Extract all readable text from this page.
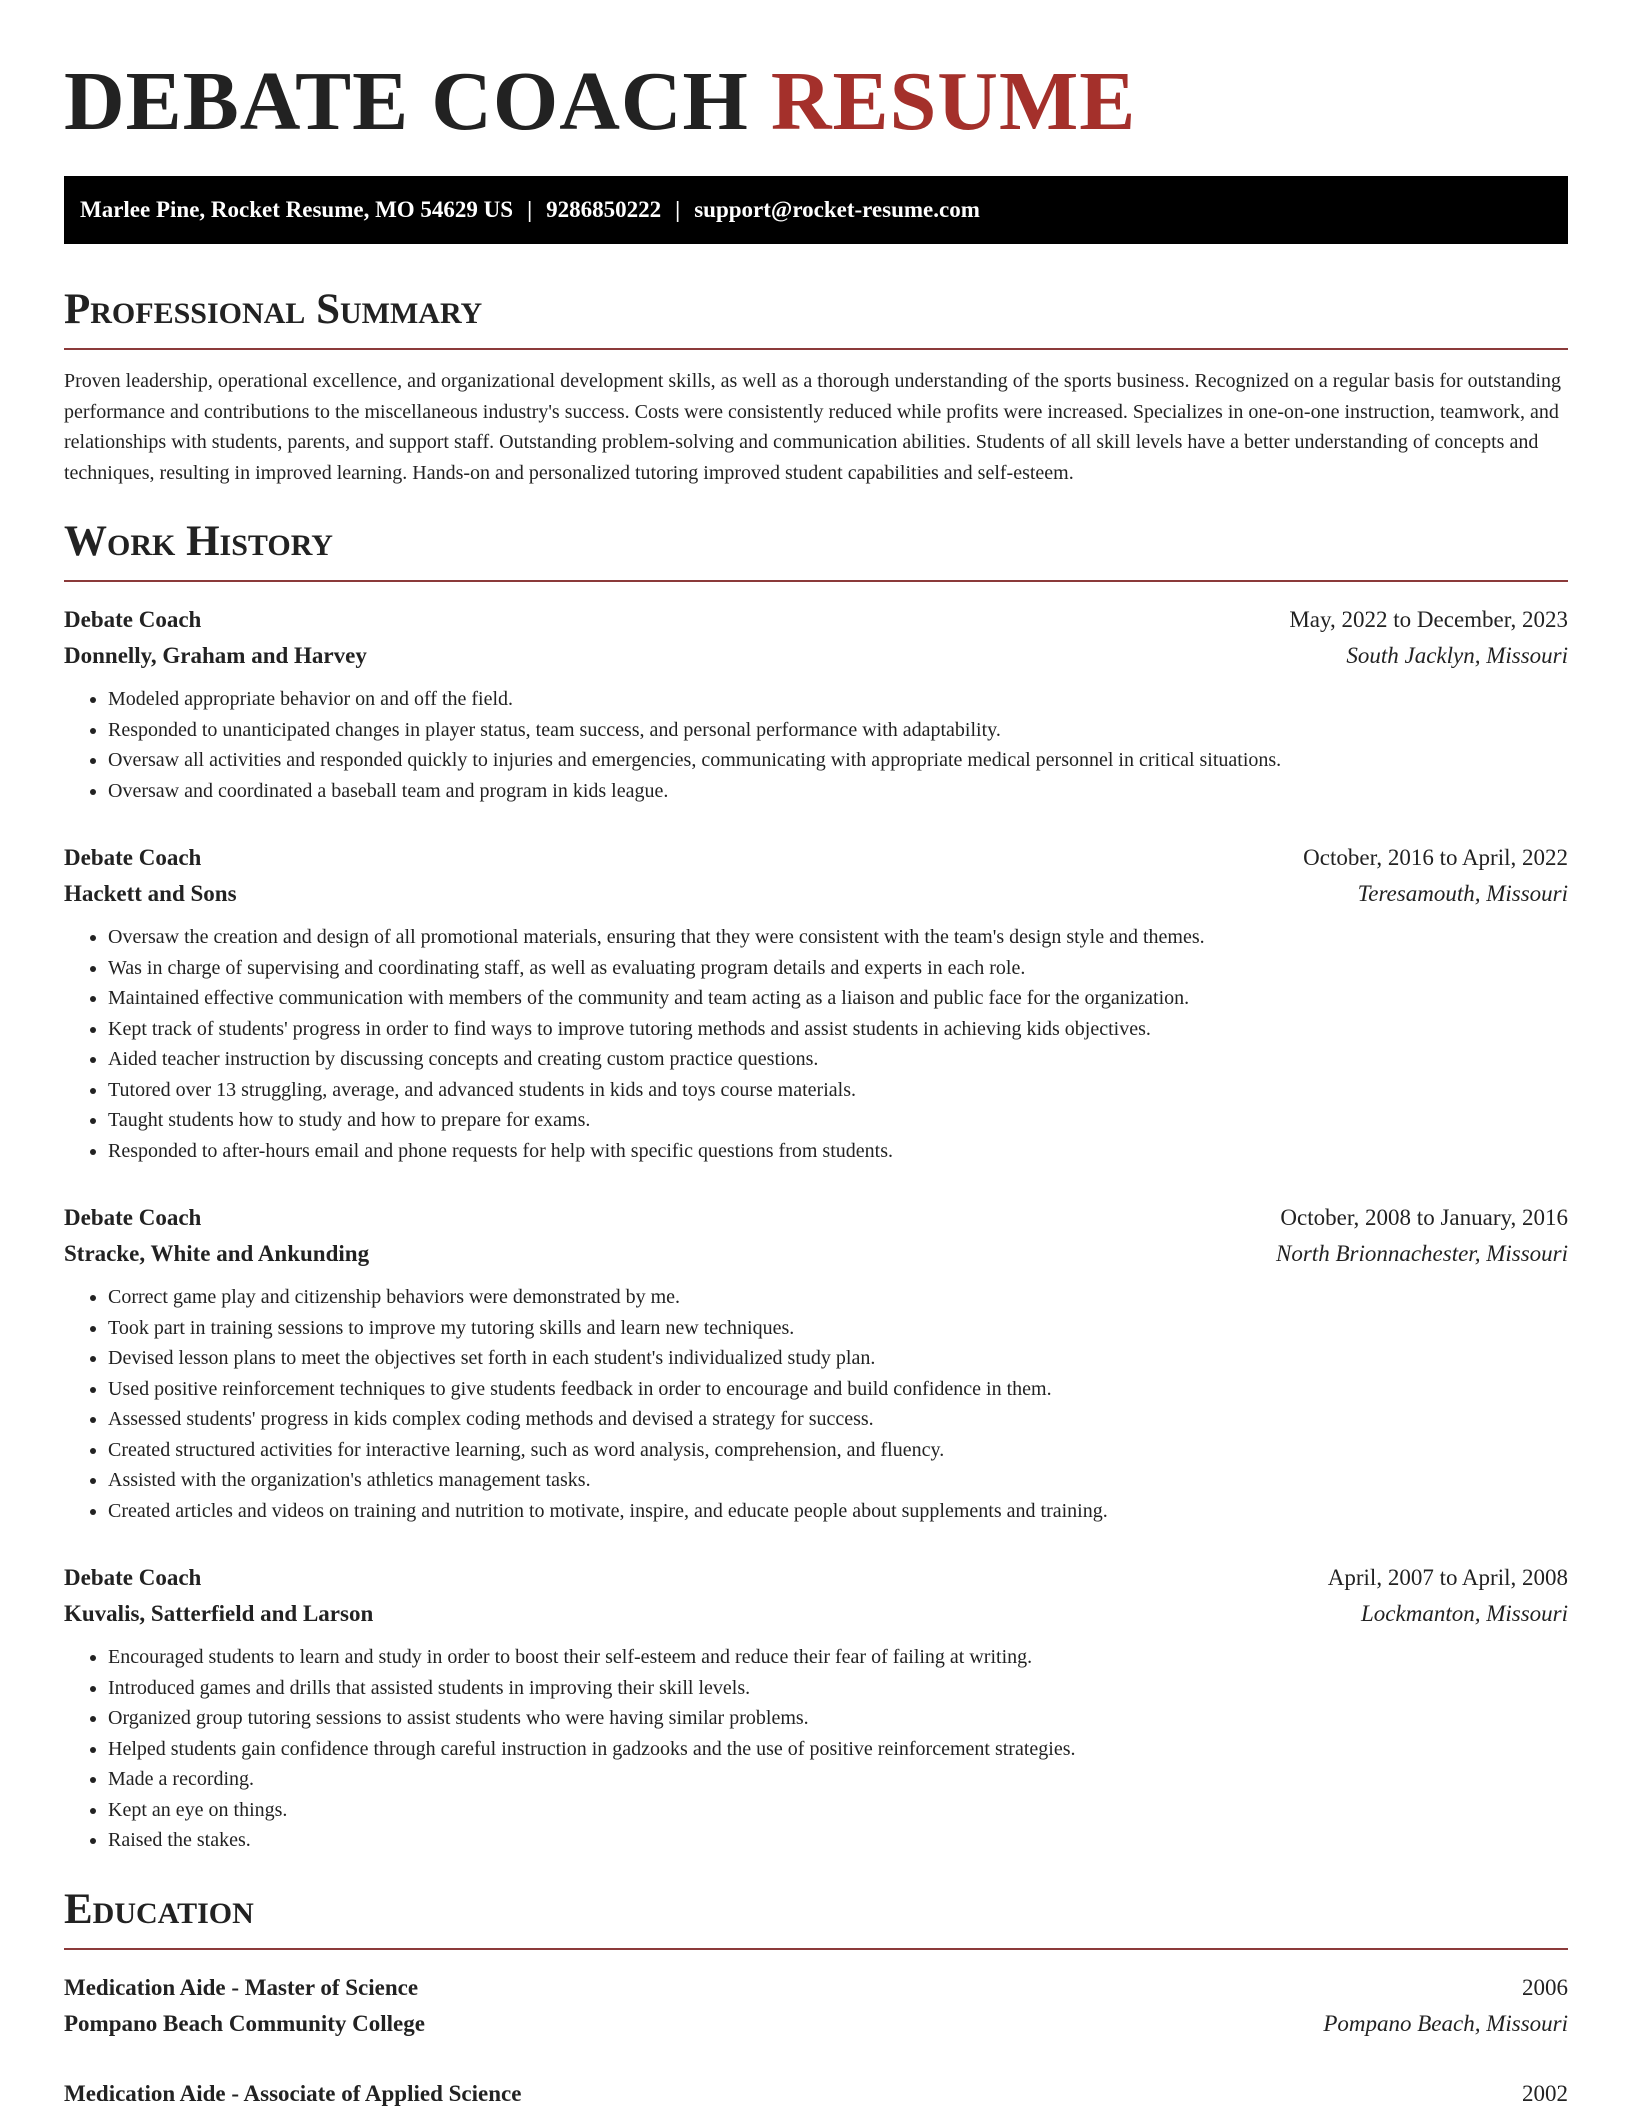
DEBATE COACH RESUME
Marlee Pine, Rocket Resume, MO 54629 US | 9286850222 | support@rocket-resume.com
Professional Summary

Proven leadership, operational excellence, and organizational development skills, as well as a thorough understanding of the sports business. Recognized on a regular basis for outstanding performance and contributions to the miscellaneous industry's success. Costs were consistently reduced while profits were increased. Specializes in one-on-one instruction, teamwork, and relationships with students, parents, and support staff. Outstanding problem-solving and communication abilities. Students of all skill levels have a better understanding of concepts and techniques, resulting in improved learning. Hands-on and personalized tutoring improved student capabilities and self-esteem.

Work History
Debate Coach	May, 2022 to December, 2023
Donnelly, Graham and Harvey	South Jacklyn, Missouri
• Modeled appropriate behavior on and off the field.
• Responded to unanticipated changes in player status, team success, and personal performance with adaptability.
• Oversaw all activities and responded quickly to injuries and emergencies, communicating with appropriate medical personnel in critical situations.
• Oversaw and coordinated a baseball team and program in kids league.
Debate Coach	October, 2016 to April, 2022
Hackett and Sons	Teresamouth, Missouri
• Oversaw the creation and design of all promotional materials, ensuring that they were consistent with the team's design style and themes.
• Was in charge of supervising and coordinating staff, as well as evaluating program details and experts in each role.
• Maintained effective communication with members of the community and team acting as a liaison and public face for the organization.
• Kept track of students' progress in order to find ways to improve tutoring methods and assist students in achieving kids objectives.
• Aided teacher instruction by discussing concepts and creating custom practice questions.
• Tutored over 13 struggling, average, and advanced students in kids and toys course materials.
• Taught students how to study and how to prepare for exams.
• Responded to after-hours email and phone requests for help with specific questions from students.
Debate Coach	October, 2008 to January, 2016
Stracke, White and Ankunding	North Brionnachester, Missouri
• Correct game play and citizenship behaviors were demonstrated by me.
• Took part in training sessions to improve my tutoring skills and learn new techniques.
• Devised lesson plans to meet the objectives set forth in each student's individualized study plan.
• Used positive reinforcement techniques to give students feedback in order to encourage and build confidence in them.
• Assessed students' progress in kids complex coding methods and devised a strategy for success.
• Created structured activities for interactive learning, such as word analysis, comprehension, and fluency.
• Assisted with the organization's athletics management tasks.
• Created articles and videos on training and nutrition to motivate, inspire, and educate people about supplements and training.
Debate Coach	April, 2007 to April, 2008
Kuvalis, Satterfield and Larson	Lockmanton, Missouri
• Encouraged students to learn and study in order to boost their self-esteem and reduce their fear of failing at writing.
• Introduced games and drills that assisted students in improving their skill levels.
• Organized group tutoring sessions to assist students who were having similar problems.
• Helped students gain confidence through careful instruction in gadzooks and the use of positive reinforcement strategies.
• Made a recording.
• Kept an eye on things.
• Raised the stakes.
Education
Medication Aide - Master of Science	2006
Pompano Beach Community College	Pompano Beach, Missouri
Medication Aide - Associate of Applied Science	2002
